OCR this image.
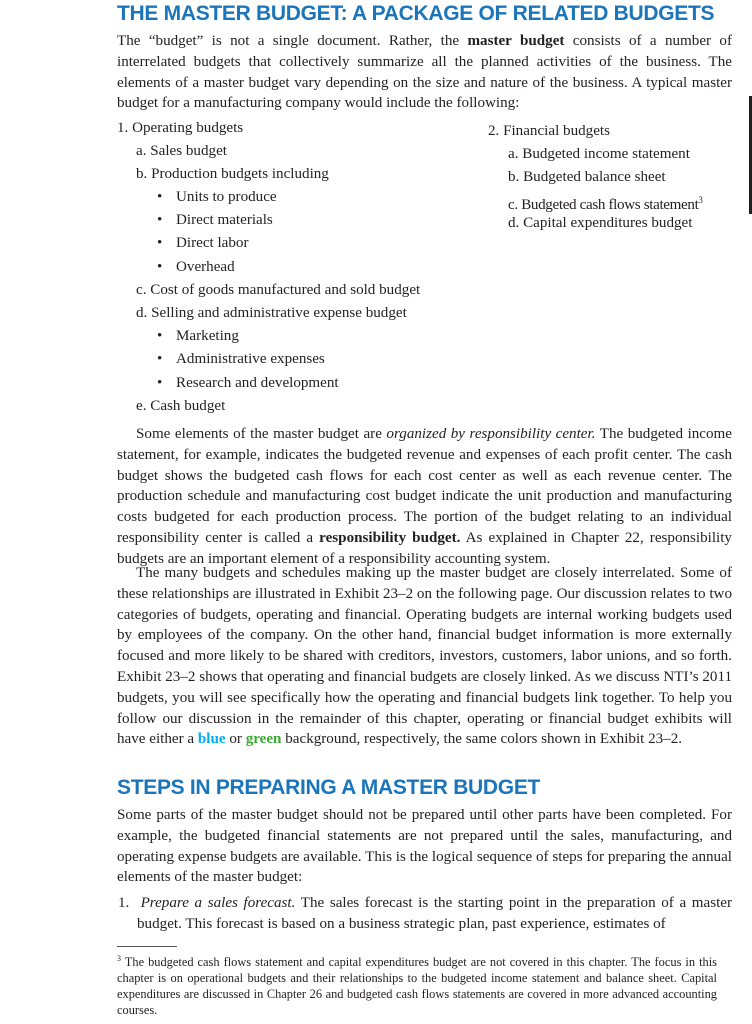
THE MASTER BUDGET: A PACKAGE OF RELATED BUDGETS

The “budget” is not a single document. Rather, the master budget consists of a number of interrelated budgets that collectively summarize all the planned activities of the business. The elements of a master budget vary depending on the size and nature of the business. A typical master budget for a manufacturing company would include the following:

1. Operating budgets
a. Sales budget
b. Production budgets including
• Units to produce
• Direct materials
• Direct labor
• Overhead
c. Cost of goods manufactured and sold budget
d. Selling and administrative expense budget
• Marketing
• Administrative expenses
• Research and development
e. Cash budget
2. Financial budgets
a. Budgeted income statement
b. Budgeted balance sheet
c. Budgeted cash flows statement$^3$
d. Capital expenditures budget

Some elements of the master budget are organized by responsibility center. The budgeted income statement, for example, indicates the budgeted revenue and expenses of each profit center. The cash budget shows the budgeted cash flows for each cost center as well as each revenue center. The production schedule and manufacturing cost budget indicate the unit production and manufacturing costs budgeted for each production process. The portion of the budget relating to an individual responsibility center is called a responsibility budget. As explained in Chapter 22, responsibility budgets are an important element of a responsibility accounting system.

The many budgets and schedules making up the master budget are closely interrelated. Some of these relationships are illustrated in Exhibit 23–2 on the following page. Our discussion relates to two categories of budgets, operating and financial. Operating budgets are internal working budgets used by employees of the company. On the other hand, financial budget information is more externally focused and more likely to be shared with creditors, investors, customers, labor unions, and so forth. Exhibit 23–2 shows that operating and financial budgets are closely linked. As we discuss NTI’s 2011 budgets, you will see specifically how the operating and financial budgets link together. To help you follow our discussion in the remainder of this chapter, operating or financial budget exhibits will have either a blue or green background, respectively, the same colors shown in Exhibit 23–2.

STEPS IN PREPARING A MASTER BUDGET

Some parts of the master budget should not be prepared until other parts have been completed. For example, the budgeted financial statements are not prepared until the sales, manufacturing, and operating expense budgets are available. This is the logical sequence of steps for preparing the annual elements of the master budget:

1. Prepare a sales forecast. The sales forecast is the starting point in the preparation of a master budget. This forecast is based on a business strategic plan, past experience, estimates of

$^3$ The budgeted cash flows statement and capital expenditures budget are not covered in this chapter. The focus in this chapter is on operational budgets and their relationships to the budgeted income statement and balance sheet. Capital expenditures are discussed in Chapter 26 and budgeted cash flows statements are covered in more advanced accounting courses.
